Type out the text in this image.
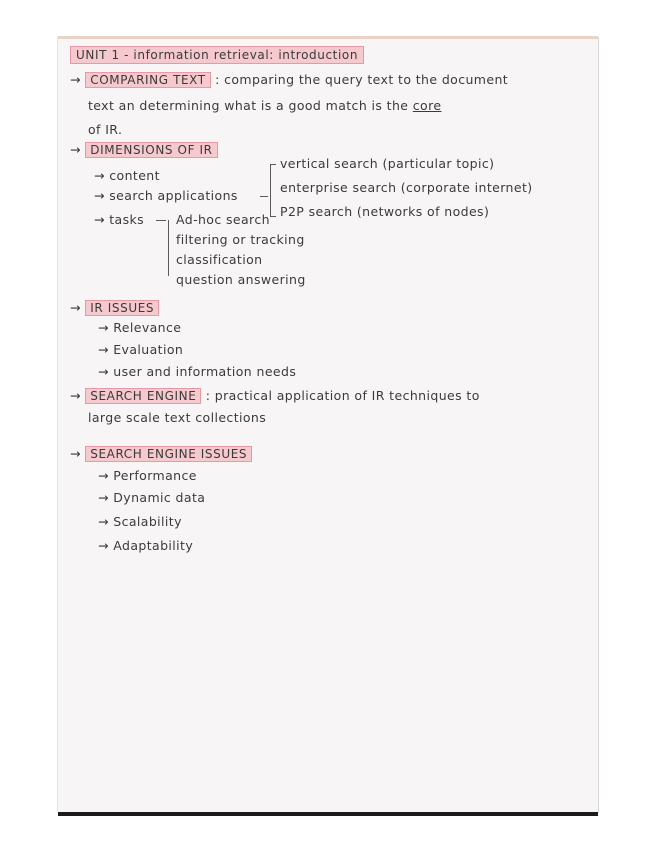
UNIT 1 - information retrieval: introduction
→ COMPARING TEXT : comparing the query text to the document
text an determining what is a good match is the core
of IR.
→ DIMENSIONS OF IR
→ content
→ search applications
vertical search (particular topic)
enterprise search (corporate internet)
P2P search (networks of nodes)
→ tasks	Ad-hoc search
filtering or tracking
classification
question answering
→ IR ISSUES
→ Relevance
→ Evaluation
→ user and information needs
→ SEARCH ENGINE : practical application of IR techniques to
large scale text collections
→ SEARCH ENGINE ISSUES
→ Performance
→ Dynamic data
→ Scalability
→ Adaptability
